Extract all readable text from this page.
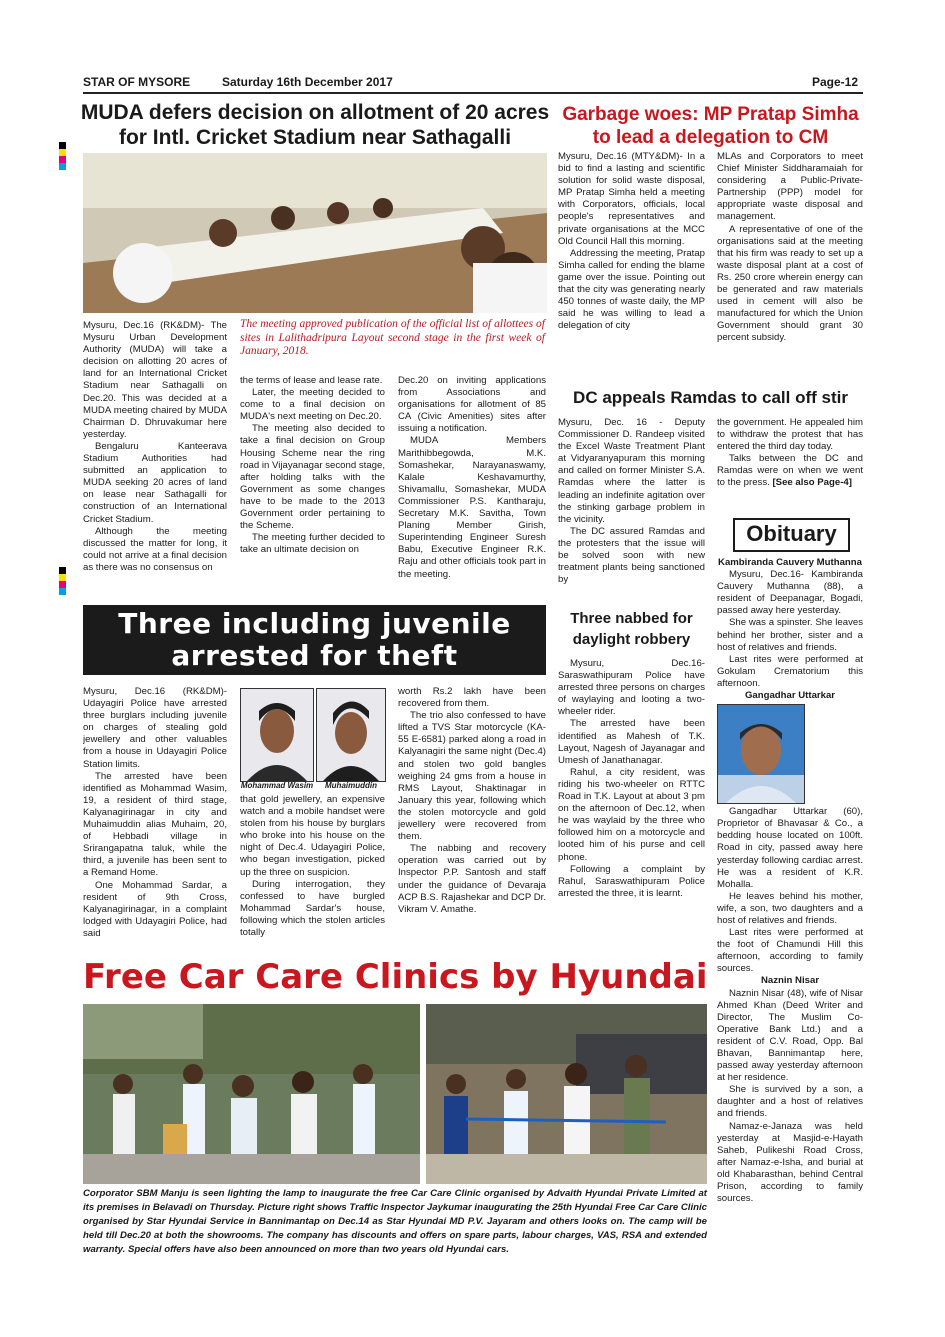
STAR OF MYSORE	Saturday 16th December 2017	Page-12
MUDA defers decision on allotment of 20 acres
for Intl. Cricket Stadium near Sathagalli
The meeting approved publication of the official list of allottees of sites in Lalithadripura Layout second stage in the first week of January, 2018.

Mysuru, Dec.16 (RK&DM)- The Mysuru Urban Development Authority (MUDA) will take a decision on allotting 20 acres of land for an International Cricket Stadium near Sathagalli on Dec.20. This was decided at a MUDA meeting chaired by MUDA Chairman D. Dhruvakumar here yesterday.

Bengaluru Kanteerava Stadium Authorities had submitted an application to MUDA seeking 20 acres of land on lease near Sathagalli for construction of an International Cricket Stadium.

Although the meeting discussed the matter for long, it could not arrive at a final decision as there was no consensus on

the terms of lease and lease rate.

Later, the meeting decided to come to a final decision on MUDA's next meeting on Dec.20.

The meeting also decided to take a final decision on Group Housing Scheme near the ring road in Vijayanagar second stage, after holding talks with the Government as some changes have to be made to the 2013 Government order pertaining to the Scheme.

The meeting further decided to take an ultimate decision on

Dec.20 on inviting applications from Associations and organisations for allotment of 85 CA (Civic Amenities) sites after issuing a notification.

MUDA Members Marithibbegowda, M.K. Somashekar, Narayanaswamy, Kalale Keshavamurthy, Shivamallu, Somashekar, MUDA Commissioner P.S. Kantharaju, Secretary M.K. Savitha, Town Planing Member Girish, Superintending Engineer Suresh Babu, Executive Engineer R.K. Raju and other officials took part in the meeting.

Garbage woes: MP Pratap Simha
to lead a delegation to CM

Mysuru, Dec.16 (MTY&DM)- In a bid to find a lasting and scientific solution for solid waste disposal, MP Pratap Simha held a meeting with Corporators, officials, local people's representatives and private organisations at the MCC Old Council Hall this morning.

Addressing the meeting, Pratap Simha called for ending the blame game over the issue. Pointing out that the city was generating nearly 450 tonnes of waste daily, the MP said he was willing to lead a delegation of city

MLAs and Corporators to meet Chief Minister Siddharamaiah for considering a Public-Private-Partnership (PPP) model for appropriate waste disposal and management.

A representative of one of the organisations said at the meeting that his firm was ready to set up a waste disposal plant at a cost of Rs. 250 crore wherein energy can be generated and raw materials used in cement will also be manufactured for which the Union Government should grant 30 percent subsidy.

DC appeals Ramdas to call off stir

Mysuru, Dec. 16 - Deputy Commissioner D. Randeep visited the Excel Waste Treatment Plant at Vidyaranyapuram this morning and called on former Minister S.A. Ramdas where the latter is leading an indefinite agitation over the stinking garbage problem in the vicinity.

The DC assured Ramdas and the protesters that the issue will be solved soon with new treatment plants being sanctioned by

the government. He appealed him to withdraw the protest that has entered the third day today.

Talks between the DC and Ramdas were on when we went to the press. [See also Page-4]

Obituary

Kambiranda Cauvery Muthanna

Mysuru, Dec.16- Kambiranda Cauvery Muthanna (88), a resident of Deepanagar, Bogadi, passed away here yesterday.

She was a spinster. She leaves behind her brother, sister and a host of relatives and friends.

Last rites were performed at Gokulam Crematorium this afternoon.

Gangadhar Uttarkar

Gangadhar Uttarkar (60), Proprietor of Bhavasar & Co., a bedding house located on 100ft. Road in city, passed away here yesterday following cardiac arrest. He was a resident of K.R. Mohalla.

He leaves behind his mother, wife, a son, two daughters and a host of relatives and friends.

Last rites were performed at the foot of Chamundi Hill this afternoon, according to family sources.

Naznin Nisar

Naznin Nisar (48), wife of Nisar Ahmed Khan (Deed Writer and Director, The Muslim Co-Operative Bank Ltd.) and a resident of C.V. Road, Opp. Bal Bhavan, Bannimantap here, passed away yesterday afternoon at her residence.

She is survived by a son, a daughter and a host of relatives and friends.

Namaz-e-Janaza was held yesterday at Masjid-e-Hayath Saheb, Pulikeshi Road Cross, after Namaz-e-Isha, and burial at old Khabarasthan, behind Central Prison, according to family sources.

Three including juvenile
arrested for theft
Mohammad Wasim	Muhaimuddin

Mysuru, Dec.16 (RK&DM)- Udayagiri Police have arrested three burglars including juvenile on charges of stealing gold jewellery and other valuables from a house in Udayagiri Police Station limits.

The arrested have been identified as Mohammad Wasim, 19, a resident of third stage, Kalyanagirinagar in city and Muhaimuddin alias Muhaim, 20, of Hebbadi village in Srirangapatna taluk, while the third, a juvenile has been sent to a Remand Home.

One Mohammad Sardar, a resident of 9th Cross, Kalyanagirinagar, in a complaint lodged with Udayagiri Police, had said

that gold jewellery, an expensive watch and a mobile handset were stolen from his house by burglars who broke into his house on the night of Dec.4. Udayagiri Police, who began investigation, picked up the three on suspicion.

During interrogation, they confessed to have burgled Mohammad Sardar's house, following which the stolen articles totally

worth Rs.2 lakh have been recovered from them.

The trio also confessed to have lifted a TVS Star motorcycle (KA-55 E-6581) parked along a road in Kalyanagiri the same night (Dec.4) and stolen two gold bangles weighing 24 gms from a house in RMS Layout, Shaktinagar in January this year, following which the stolen motorcycle and gold jewellery were recovered from them.

The nabbing and recovery operation was carried out by Inspector P.P. Santosh and staff under the guidance of Devaraja ACP B.S. Rajashekar and DCP Dr. Vikram V. Amathe.

Three nabbed for
daylight robbery

Mysuru, Dec.16- Saraswathipuram Police have arrested three persons on charges of waylaying and looting a two-wheeler rider.

The arrested have been identified as Mahesh of T.K. Layout, Nagesh of Jayanagar and Umesh of Janathanagar.

Rahul, a city resident, was riding his two-wheeler on RTTC Road in T.K. Layout at about 3 pm on the afternoon of Dec.12, when he was waylaid by the three who followed him on a motorcycle and looted him of his purse and cell phone.

Following a complaint by Rahul, Saraswathipuram Police arrested the three, it is learnt.

Free Car Care Clinics by Hyundai
Corporator SBM Manju is seen lighting the lamp to inaugurate the free Car Care Clinic organised by Advaith Hyundai Private Limited at its premises in Belavadi on Thursday. Picture right shows Traffic Inspector Jaykumar inaugurating the 25th Hyundai Free Car Care Clinic organised by Star Hyundai Service in Bannimantap on Dec.14 as Star Hyundai MD P.V. Jayaram and others looks on. The camp will be held till Dec.20 at both the showrooms. The company has discounts and offers on spare parts, labour charges, VAS, RSA and extended warranty. Special offers have also been announced on more than two years old Hyundai cars.
